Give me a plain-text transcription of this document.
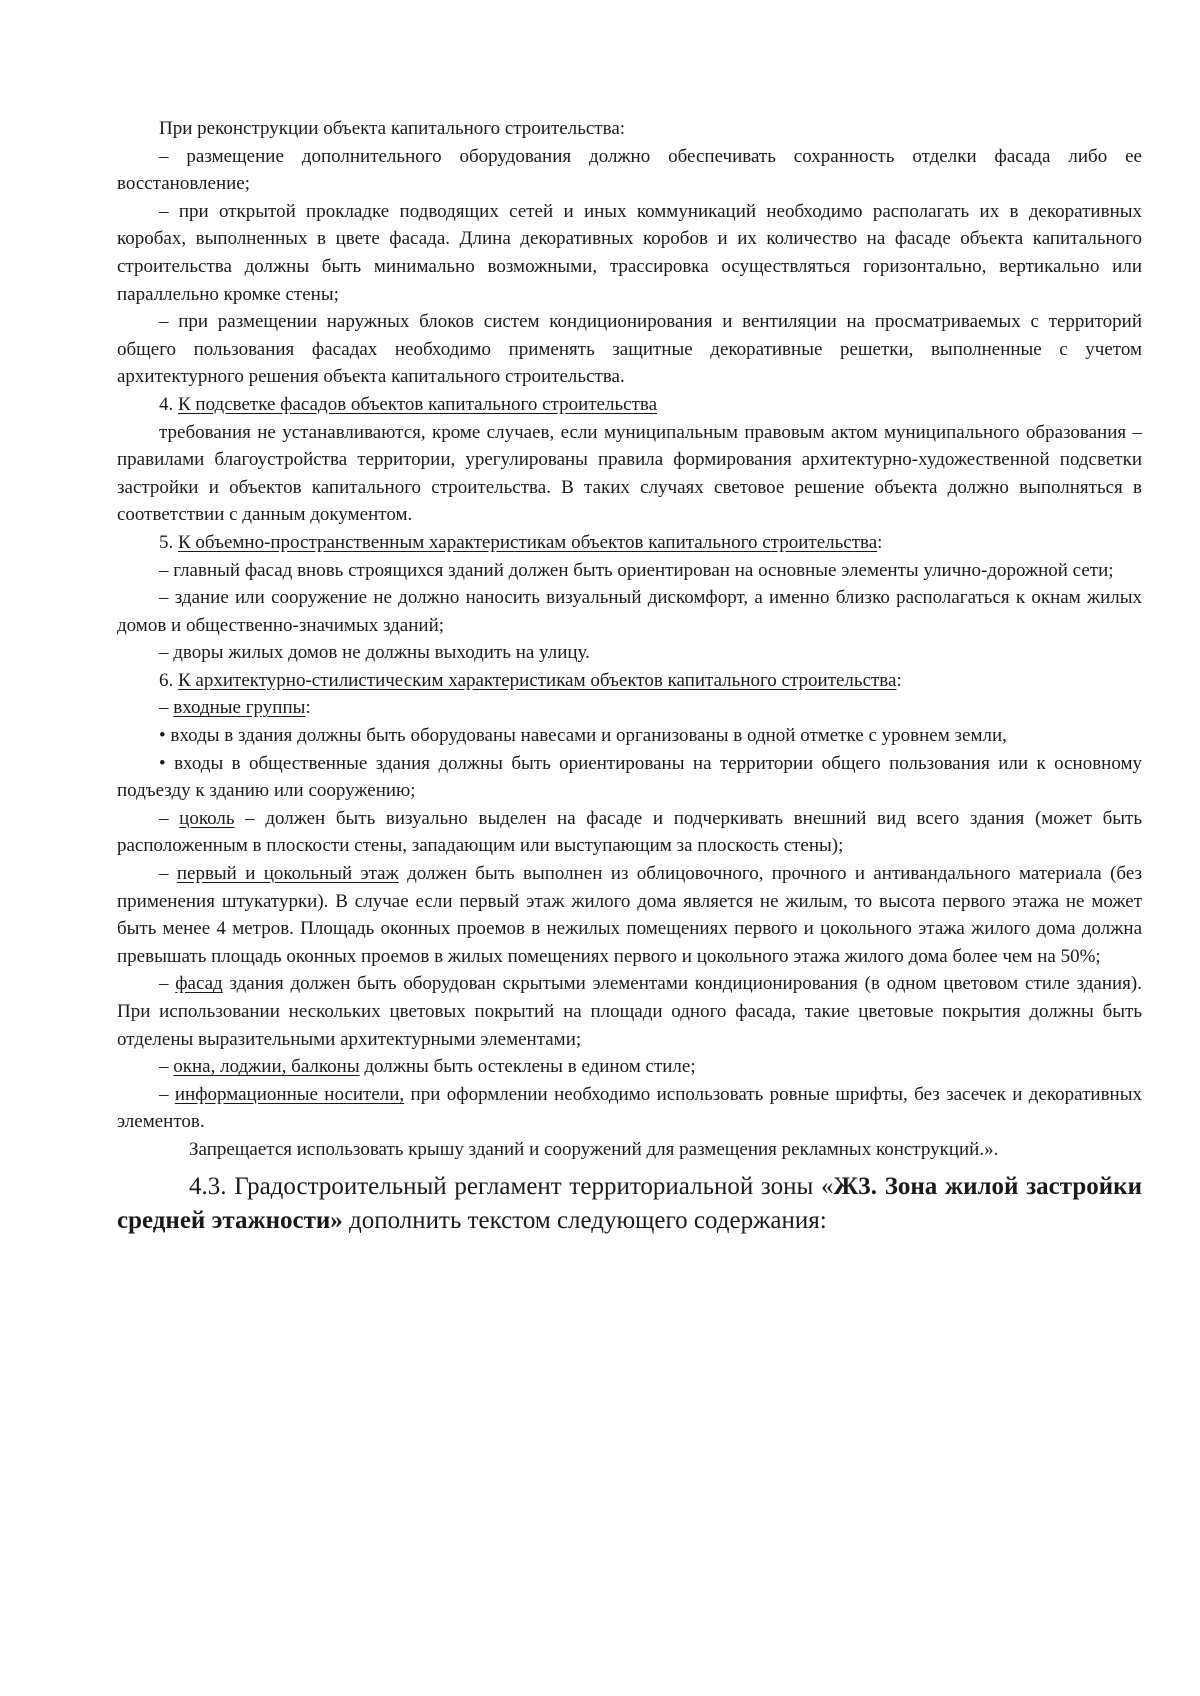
При реконструкции объекта капитального строительства:

– размещение дополнительного оборудования должно обеспечивать сохранность отделки фасада либо ее восстановление;

– при открытой прокладке подводящих сетей и иных коммуникаций необходимо располагать их в декоративных коробах, выполненных в цвете фасада. Длина декоративных коробов и их количество на фасаде объекта капитального строительства должны быть минимально возможными, трассировка осуществляться горизонтально, вертикально или параллельно кромке стены;

– при размещении наружных блоков систем кондиционирования и вентиляции на просматриваемых с территорий общего пользования фасадах необходимо применять защитные декоративные решетки, выполненные с учетом архитектурного решения объекта капитального строительства.

4. К подсветке фасадов объектов капитального строительства

требования не устанавливаются, кроме случаев, если муниципальным правовым актом муниципального образования – правилами благоустройства территории, урегулированы правила формирования архитектурно-художественной подсветки застройки и объектов капитального строительства. В таких случаях световое решение объекта должно выполняться в соответствии с данным документом.

5. К объемно-пространственным характеристикам объектов капитального строительства:

– главный фасад вновь строящихся зданий должен быть ориентирован на основные элементы улично-дорожной сети;

– здание или сооружение не должно наносить визуальный дискомфорт, а именно близко располагаться к окнам жилых домов и общественно-значимых зданий;

– дворы жилых домов не должны выходить на улицу.

6. К архитектурно-стилистическим характеристикам объектов капитального строительства:

– входные группы:

• входы в здания должны быть оборудованы навесами и организованы в одной отметке с уровнем земли,

• входы в общественные здания должны быть ориентированы на территории общего пользования или к основному подъезду к зданию или сооружению;

– цоколь – должен быть визуально выделен на фасаде и подчеркивать внешний вид всего здания (может быть расположенным в плоскости стены, западающим или выступающим за плоскость стены);

– первый и цокольный этаж должен быть выполнен из облицовочного, прочного и антивандального материала (без применения штукатурки). В случае если первый этаж жилого дома является не жилым, то высота первого этажа не может быть менее 4 метров. Площадь оконных проемов в нежилых помещениях первого и цокольного этажа жилого дома должна превышать площадь оконных проемов в жилых помещениях первого и цокольного этажа жилого дома более чем на 50%;

– фасад здания должен быть оборудован скрытыми элементами кондиционирования (в одном цветовом стиле здания). При использовании нескольких цветовых покрытий на площади одного фасада, такие цветовые покрытия должны быть отделены выразительными архитектурными элементами;

– окна, лоджии, балконы должны быть остеклены в едином стиле;

– информационные носители, при оформлении необходимо использовать ровные шрифты, без засечек и декоративных элементов.

Запрещается использовать крышу зданий и сооружений для размещения рекламных конструкций.».

4.3. Градостроительный регламент территориальной зоны «Ж3. Зона жилой застройки средней этажности» дополнить текстом следующего содержания:
